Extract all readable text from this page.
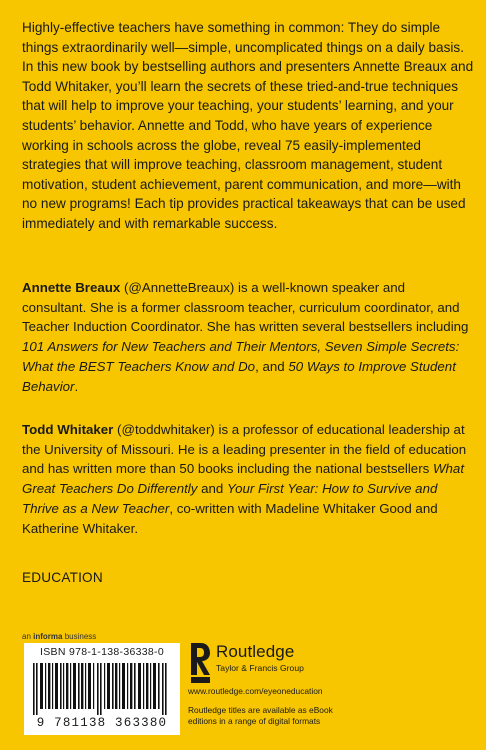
Highly-effective teachers have something in common: They do simple things extraordinarily well—simple, uncomplicated things on a daily basis. In this new book by bestselling authors and presenters Annette Breaux and Todd Whitaker, you’ll learn the secrets of these tried-and-true techniques that will help to improve your teaching, your students’ learning, and your students’ behavior. Annette and Todd, who have years of experience working in schools across the globe, reveal 75 easily-implemented strategies that will improve teaching, classroom management, student motivation, student achievement, parent communication, and more—with no new programs! Each tip provides practical takeaways that can be used immediately and with remarkable success.

Annette Breaux (@AnnetteBreaux) is a well-known speaker and consultant. She is a former classroom teacher, curriculum coordinator, and Teacher Induction Coordinator. She has written several bestsellers including 101 Answers for New Teachers and Their Mentors, Seven Simple Secrets: What the BEST Teachers Know and Do, and 50 Ways to Improve Student Behavior.

Todd Whitaker (@toddwhitaker) is a professor of educational leadership at the University of Missouri. He is a leading presenter in the field of education and has written more than 50 books including the national bestsellers What Great Teachers Do Differently and Your First Year: How to Survive and Thrive as a New Teacher, co-written with Madeline Whitaker Good and Katherine Whitaker.

EDUCATION
an informa business
ISBN 978-1-138-36338-0
9 781138 363380
Routledge
Taylor & Francis Group
www.routledge.com/eyeoneducation
Routledge titles are available as eBook editions in a range of digital formats
